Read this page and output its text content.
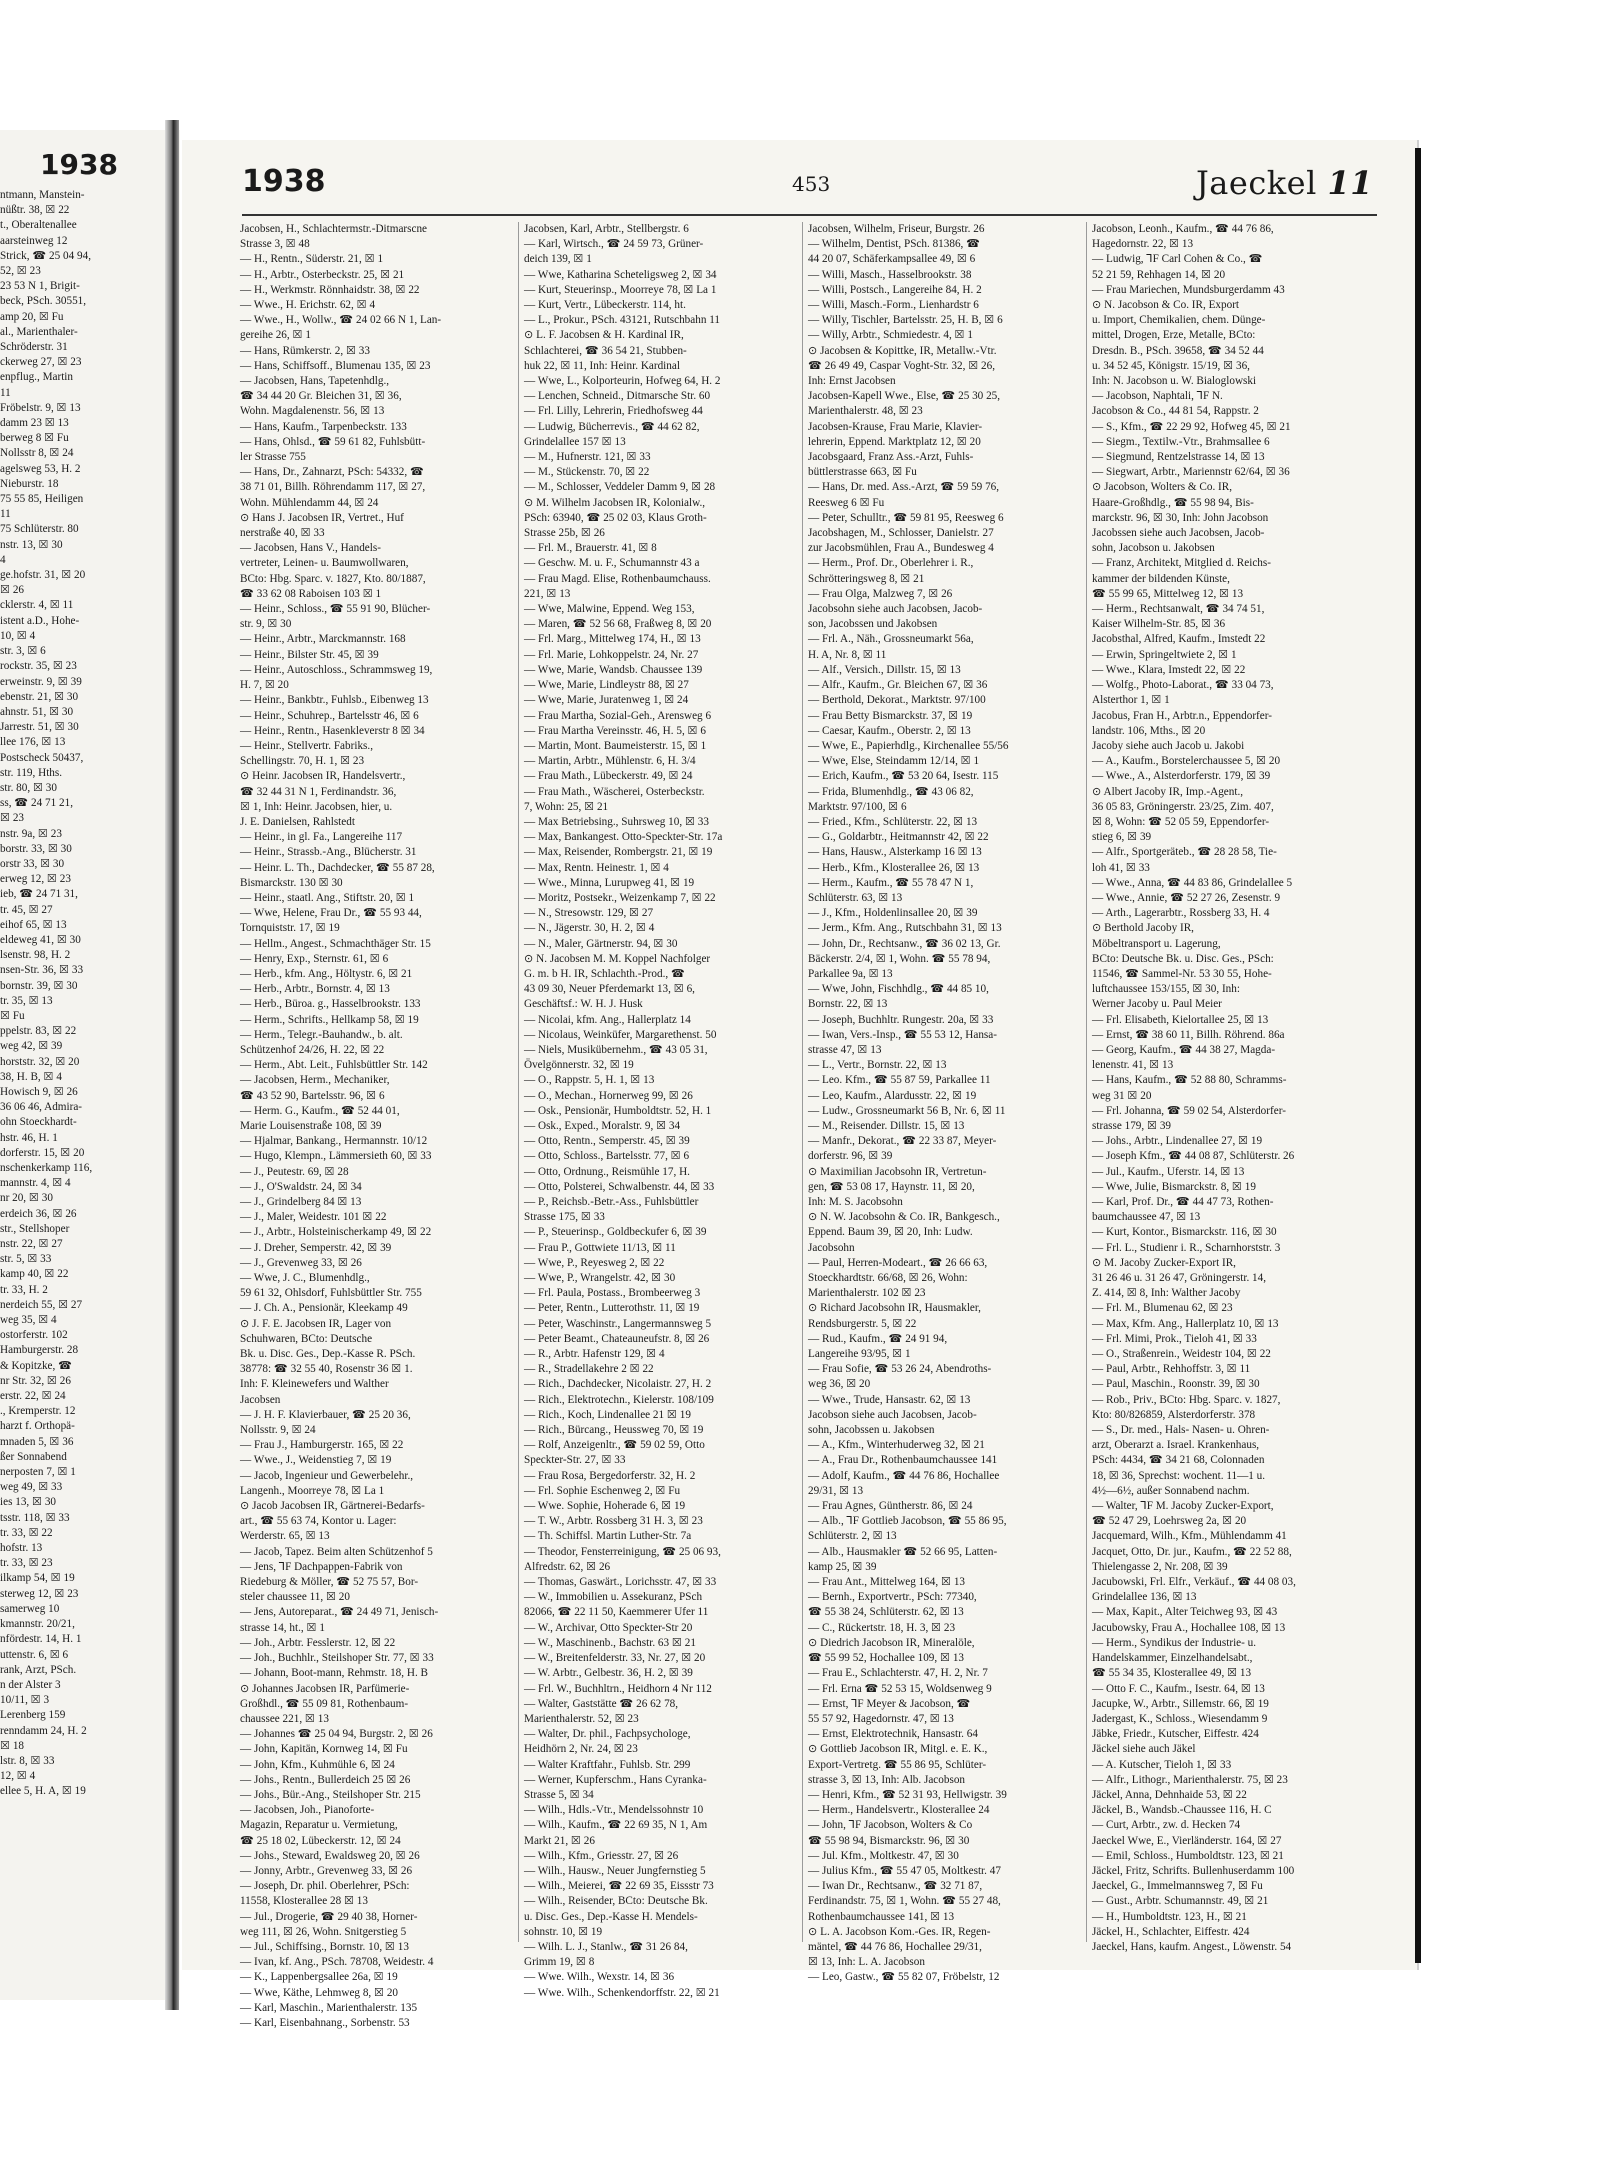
1938
ntmann, Manstein-
nüßtr. 38, ☒ 22
t., Oberaltenallee
aarsteinweg 12
Strick, ☎ 25 04 94,
52, ☒ 23
23 53 N 1, Brigit-
beck, PSch. 30551,
amp 20, ☒ Fu
al., Marienthaler-
Schröderstr. 31
ckerweg 27, ☒ 23
enpflug., Martin
11
Fröbelstr. 9, ☒ 13
damm 23 ☒ 13
berweg 8 ☒ Fu
Nollsstr 8, ☒ 24
agelsweg 53, H. 2
Nieburstr. 18
75 55 85, Heiligen
11
75 Schlüterstr. 80
nstr. 13, ☒ 30
4
ge.hofstr. 31, ☒ 20
☒ 26
cklerstr. 4, ☒ 11
istent a.D., Hohe-
10, ☒ 4
str. 3, ☒ 6
rockstr. 35, ☒ 23
erweinstr. 9, ☒ 39
ebenstr. 21, ☒ 30
ahnstr. 51, ☒ 30
Jarrestr. 51, ☒ 30
llee 176, ☒ 13
Postscheck 50437,
str. 119, Hths.
str. 80, ☒ 30
ss, ☎ 24 71 21,
☒ 23
nstr. 9a, ☒ 23
borstr. 33, ☒ 30
orstr 33, ☒ 30
erweg 12, ☒ 23
ieb, ☎ 24 71 31,
tr. 45, ☒ 27
eihof 65, ☒ 13
eldeweg 41, ☒ 30
lsenstr. 98, H. 2
nsen-Str. 36, ☒ 33
bornstr. 39, ☒ 30
tr. 35, ☒ 13
☒ Fu
ppelstr. 83, ☒ 22
weg 42, ☒ 39
horststr. 32, ☒ 20
38, H. B, ☒ 4
Howisch 9, ☒ 26
36 06 46, Admira-
ohn Stoeckhardt-
hstr. 46, H. 1
dorferstr. 15, ☒ 20
nschenkerkamp 116,
mannstr. 4, ☒ 4
nr 20, ☒ 30
erdeich 36, ☒ 26
str., Stellshoper
nstr. 22, ☒ 27
str. 5, ☒ 33
kamp 40, ☒ 22
tr. 33, H. 2
nerdeich 55, ☒ 27
weg 35, ☒ 4
ostorferstr. 102
Hamburgerstr. 28
& Kopitzke, ☎
nr Str. 32, ☒ 26
erstr. 22, ☒ 24
., Kremperstr. 12
harzt f. Orthopä-
mnaden 5, ☒ 36
ßer Sonnabend
nerposten 7, ☒ 1
weg 49, ☒ 33
ies 13, ☒ 30
tsstr. 118, ☒ 33
tr. 33, ☒ 22
hofstr. 13
tr. 33, ☒ 23
ilkamp 54, ☒ 19
sterweg 12, ☒ 23
samerweg 10
kmannstr. 20/21,
nfördestr. 14, H. 1
uttenstr. 6, ☒ 6
rank, Arzt, PSch.
n der Alster 3
10/11, ☒ 3
Lerenberg 159
renndamm 24, H. 2
☒ 18
lstr. 8, ☒ 33
12, ☒ 4
ellee 5, H. A, ☒ 19
1938	453	Jaeckel 11
Jacobsen, H., Schlachtermstr.-Ditmarscne
Strasse 3, ☒ 48
— H., Rentn., Süderstr. 21, ☒ 1
— H., Arbtr., Osterbeckstr. 25, ☒ 21
— H., Werkmstr. Rönnhaidstr. 38, ☒ 22
— Wwe., H. Erichstr. 62, ☒ 4
— Wwe., H., Wollw., ☎ 24 02 66 N 1, Lan-
gereihe 26, ☒ 1
— Hans, Rümkerstr. 2, ☒ 33
— Hans, Schiffsoff., Blumenau 135, ☒ 23
— Jacobsen, Hans, Tapetenhdlg.,
☎ 34 44 20 Gr. Bleichen 31, ☒ 36,
Wohn. Magdalenenstr. 56, ☒ 13
— Hans, Kaufm., Tarpenbeckstr. 133
— Hans, Ohlsd., ☎ 59 61 82, Fuhlsbütt-
ler Strasse 755
— Hans, Dr., Zahnarzt, PSch: 54332, ☎
38 71 01, Billh. Röhrendamm 117, ☒ 27,
Wohn. Mühlendamm 44, ☒ 24
⊙ Hans J. Jacobsen IR, Vertret., Huf
nerstraße 40, ☒ 33
— Jacobsen, Hans V., Handels-
vertreter, Leinen- u. Baumwollwaren,
BCto: Hbg. Sparc. v. 1827, Kto. 80/1887,
☎ 33 62 08 Raboisen 103 ☒ 1
— Heinr., Schloss., ☎ 55 91 90, Blücher-
str. 9, ☒ 30
— Heinr., Arbtr., Marckmannstr. 168
— Heinr., Bilster Str. 45, ☒ 39
— Heinr., Autoschloss., Schrammsweg 19,
H. 7, ☒ 20
— Heinr., Bankbtr., Fuhlsb., Eibenweg 13
— Heinr., Schuhrep., Bartelsstr 46, ☒ 6
— Heinr., Rentn., Hasenkleverstr 8 ☒ 34
— Heinr., Stellvertr. Fabriks.,
Schellingstr. 70, H. 1, ☒ 23
⊙ Heinr. Jacobsen IR, Handelsvertr.,
☎ 32 44 31 N 1, Ferdinandstr. 36,
☒ 1, Inh: Heinr. Jacobsen, hier, u.
J. E. Danielsen, Rahlstedt
— Heinr., in gl. Fa., Langereihe 117
— Heinr., Strassb.-Ang., Blücherstr. 31
— Heinr. L. Th., Dachdecker, ☎ 55 87 28,
Bismarckstr. 130 ☒ 30
— Heinr., staatl. Ang., Stiftstr. 20, ☒ 1
— Wwe, Helene, Frau Dr., ☎ 55 93 44,
Tornquiststr. 17, ☒ 19
— Hellm., Angest., Schmachthäger Str. 15
— Henry, Exp., Sternstr. 61, ☒ 6
— Herb., kfm. Ang., Höltystr. 6, ☒ 21
— Herb., Arbtr., Bornstr. 4, ☒ 13
— Herb., Büroa. g., Hasselbrookstr. 133
— Herm., Schrifts., Hellkamp 58, ☒ 19
— Herm., Telegr.-Bauhandw., b. alt.
Schützenhof 24/26, H. 22, ☒ 22
— Herm., Abt. Leit., Fuhlsbüttler Str. 142
— Jacobsen, Herm., Mechaniker,
☎ 43 52 90, Bartelsstr. 96, ☒ 6
— Herm. G., Kaufm., ☎ 52 44 01,
Marie Louisenstraße 108, ☒ 39
— Hjalmar, Bankang., Hermannstr. 10/12
— Hugo, Klempn., Lämmersieth 60, ☒ 33
— J., Peutestr. 69, ☒ 28
— J., O'Swaldstr. 24, ☒ 34
— J., Grindelberg 84 ☒ 13
— J., Maler, Weidestr. 101 ☒ 22
— J., Arbtr., Holsteinischerkamp 49, ☒ 22
— J. Dreher, Semperstr. 42, ☒ 39
— J., Grevenweg 33, ☒ 26
— Wwe, J. C., Blumenhdlg.,
59 61 32, Ohlsdorf, Fuhlsbüttler Str. 755
— J. Ch. A., Pensionär, Kleekamp 49
⊙ J. F. E. Jacobsen IR, Lager von
Schuhwaren, BCto: Deutsche
Bk. u. Disc. Ges., Dep.-Kasse R. PSch.
38778: ☎ 32 55 40, Rosenstr 36 ☒ 1.
Inh: F. Kleinewefers und Walther
Jacobsen
— J. H. F. Klavierbauer, ☎ 25 20 36,
Nollsstr. 9, ☒ 24
— Frau J., Hamburgerstr. 165, ☒ 22
— Wwe., J., Weidenstieg 7, ☒ 19
— Jacob, Ingenieur und Gewerbelehr.,
Langenh., Moorreye 78, ☒ La 1
⊙ Jacob Jacobsen IR, Gärtnerei-Bedarfs-
art., ☎ 55 63 74, Kontor u. Lager:
Werderstr. 65, ☒ 13
— Jacob, Tapez. Beim alten Schützenhof 5
— Jens, ⅂F Dachpappen-Fabrik von
Riedeburg & Möller, ☎ 52 75 57, Bor-
steler chaussee 11, ☒ 20
— Jens, Autoreparat., ☎ 24 49 71, Jenisch-
strasse 14, ht., ☒ 1
— Joh., Arbtr. Fesslerstr. 12, ☒ 22
— Joh., Buchhlr., Steilshoper Str. 77, ☒ 33
— Johann, Boot-mann, Rehmstr. 18, H. B
⊙ Johannes Jacobsen IR, Parfümerie-
Großhdl., ☎ 55 09 81, Rothenbaum-
chaussee 221, ☒ 13
— Johannes ☎ 25 04 94, Burgstr. 2, ☒ 26
— John, Kapitän, Kornweg 14, ☒ Fu
— John, Kfm., Kuhmühle 6, ☒ 24
— Johs., Rentn., Bullerdeich 25 ☒ 26
— Johs., Bür.-Ang., Steilshoper Str. 215
— Jacobsen, Joh., Pianoforte-
Magazin, Reparatur u. Vermietung,
☎ 25 18 02, Lübeckerstr. 12, ☒ 24
— Johs., Steward, Ewaldsweg 20, ☒ 26
— Jonny, Arbtr., Grevenweg 33, ☒ 26
— Joseph, Dr. phil. Oberlehrer, PSch:
11558, Klosterallee 28 ☒ 13
— Jul., Drogerie, ☎ 29 40 38, Horner-
weg 111, ☒ 26, Wohn. Snitgerstieg 5
— Jul., Schiffsing., Bornstr. 10, ☒ 13
— Ivan, kf. Ang., PSch. 78708, Weidestr. 4
— K., Lappenbergsallee 26a, ☒ 19
— Wwe, Käthe, Lehmweg 8, ☒ 20
— Karl, Maschin., Marienthalerstr. 135
— Karl, Eisenbahnang., Sorbenstr. 53
Jacobsen, Karl, Arbtr., Stellbergstr. 6
— Karl, Wirtsch., ☎ 24 59 73, Grüner-
deich 139, ☒ 1
— Wwe, Katharina Scheteligsweg 2, ☒ 34
— Kurt, Steuerinsp., Moorreye 78, ☒ La 1
— Kurt, Vertr., Lübeckerstr. 114, ht.
— L., Prokur., PSch. 43121, Rutschbahn 11
⊙ L. F. Jacobsen & H. Kardinal IR,
Schlachterei, ☎ 36 54 21, Stubben-
huk 22, ☒ 11, Inh: Heinr. Kardinal
— Wwe, L., Kolporteurin, Hofweg 64, H. 2
— Lenchen, Schneid., Ditmarsche Str. 60
— Frl. Lilly, Lehrerin, Friedhofsweg 44
— Ludwig, Bücherrevis., ☎ 44 62 82,
Grindelallee 157 ☒ 13
— M., Hufnerstr. 121, ☒ 33
— M., Stückenstr. 70, ☒ 22
— M., Schlosser, Veddeler Damm 9, ☒ 28
⊙ M. Wilhelm Jacobsen IR, Kolonialw.,
PSch: 63940, ☎ 25 02 03, Klaus Groth-
Strasse 25b, ☒ 26
— Frl. M., Brauerstr. 41, ☒ 8
— Geschw. M. u. F., Schumannstr 43 a
— Frau Magd. Elise, Rothenbaumchauss.
221, ☒ 13
— Wwe, Malwine, Eppend. Weg 153,
— Maren, ☎ 52 56 68, Fraßweg 8, ☒ 20
— Frl. Marg., Mittelweg 174, H., ☒ 13
— Frl. Marie, Lohkoppelstr. 24, Nr. 27
— Wwe, Marie, Wandsb. Chaussee 139
— Wwe, Marie, Lindleystr 88, ☒ 27
— Wwe, Marie, Juratenweg 1, ☒ 24
— Frau Martha, Sozial-Geh., Arensweg 6
— Frau Martha Vereinsstr. 46, H. 5, ☒ 6
— Martin, Mont. Baumeisterstr. 15, ☒ 1
— Martin, Arbtr., Mühlenstr. 6, H. 3/4
— Frau Math., Lübeckerstr. 49, ☒ 24
— Frau Math., Wäscherei, Osterbeckstr.
7, Wohn: 25, ☒ 21
— Max Betriebsing., Suhrsweg 10, ☒ 33
— Max, Bankangest. Otto-Speckter-Str. 17a
— Max, Reisender, Rombergstr. 21, ☒ 19
— Max, Rentn. Heinestr. 1, ☒ 4
— Wwe., Minna, Lurupweg 41, ☒ 19
— Moritz, Postsekr., Weizenkamp 7, ☒ 22
— N., Stresowstr. 129, ☒ 27
— N., Jägerstr. 30, H. 2, ☒ 4
— N., Maler, Gärtnerstr. 94, ☒ 30
⊙ N. Jacobsen M. M. Koppel Nachfolger
G. m. b H. IR, Schlachth.-Prod., ☎
43 09 30, Neuer Pferdemarkt 13, ☒ 6,
Geschäftsf.: W. H. J. Husk
— Nicolai, kfm. Ang., Hallerplatz 14
— Nicolaus, Weinküfer, Margarethenst. 50
— Niels, Musikübernehm., ☎ 43 05 31,
Övelgönnerstr. 32, ☒ 19
— O., Rappstr. 5, H. 1, ☒ 13
— O., Mechan., Hornerweg 99, ☒ 26
— Osk., Pensionär, Humboldtstr. 52, H. 1
— Osk., Exped., Moralstr. 9, ☒ 34
— Otto, Rentn., Semperstr. 45, ☒ 39
— Otto, Schloss., Bartelsstr. 77, ☒ 6
— Otto, Ordnung., Reismühle 17, H.
— Otto, Polsterei, Schwalbenstr. 44, ☒ 33
— P., Reichsb.-Betr.-Ass., Fuhlsbüttler
Strasse 175, ☒ 33
— P., Steuerinsp., Goldbeckufer 6, ☒ 39
— Frau P., Gottwiete 11/13, ☒ 11
— Wwe, P., Reyesweg 2, ☒ 22
— Wwe, P., Wrangelstr. 42, ☒ 30
— Frl. Paula, Postass., Brombeerweg 3
— Peter, Rentn., Lutterothstr. 11, ☒ 19
— Peter, Waschinstr., Langermannsweg 5
— Peter Beamt., Chateauneufstr. 8, ☒ 26
— R., Arbtr. Hafenstr 129, ☒ 4
— R., Stradellakehre 2 ☒ 22
— Rich., Dachdecker, Nicolaistr. 27, H. 2
— Rich., Elektrotechn., Kielerstr. 108/109
— Rich., Koch, Lindenallee 21 ☒ 19
— Rich., Bürcang., Heussweg 70, ☒ 19
— Rolf, Anzeigenltr., ☎ 59 02 59, Otto
Speckter-Str. 27, ☒ 33
— Frau Rosa, Bergedorferstr. 32, H. 2
— Frl. Sophie Eschenweg 2, ☒ Fu
— Wwe. Sophie, Hoherade 6, ☒ 19
— T. W., Arbtr. Rossberg 31 H. 3, ☒ 23
— Th. Schiffsl. Martin Luther-Str. 7a
— Theodor, Fensterreinigung, ☎ 25 06 93,
Alfredstr. 62, ☒ 26
— Thomas, Gaswärt., Lorichsstr. 47, ☒ 33
— W., Immobilien u. Assekuranz, PSch
82066, ☎ 22 11 50, Kaemmerer Ufer 11
— W., Archivar, Otto Speckter-Str 20
— W., Maschinenb., Bachstr. 63 ☒ 21
— W., Breitenfelderstr. 33, Nr. 27, ☒ 20
— W. Arbtr., Gelbestr. 36, H. 2, ☒ 39
— Frl. W., Buchhltrn., Heidhorn 4 Nr 112
— Walter, Gaststätte ☎ 26 62 78,
Marienthalerstr. 52, ☒ 23
— Walter, Dr. phil., Fachpsychologe,
Heidhörn 2, Nr. 24, ☒ 23
— Walter Kraftfahr., Fuhlsb. Str. 299
— Werner, Kupferschm., Hans Cyranka-
Strasse 5, ☒ 34
— Wilh., Hdls.-Vtr., Mendelssohnstr 10
— Wilh., Kaufm., ☎ 22 69 35, N 1, Am
Markt 21, ☒ 26
— Wilh., Kfm., Griesstr. 27, ☒ 26
— Wilh., Hausw., Neuer Jungfernstieg 5
— Wilh., Meierei, ☎ 22 69 35, Eissstr 73
— Wilh., Reisender, BCto: Deutsche Bk.
u. Disc. Ges., Dep.-Kasse H. Mendels-
sohnstr. 10, ☒ 19
— Wilh. L. J., Stanlw., ☎ 31 26 84,
Grimm 19, ☒ 8
— Wwe. Wilh., Wexstr. 14, ☒ 36
— Wwe. Wilh., Schenkendorffstr. 22, ☒ 21
Jacobsen, Wilhelm, Friseur, Burgstr. 26
— Wilhelm, Dentist, PSch. 81386, ☎
44 20 07, Schäferkampsallee 49, ☒ 6
— Willi, Masch., Hasselbrookstr. 38
— Willi, Postsch., Langereihe 84, H. 2
— Willi, Masch.-Form., Lienhardstr 6
— Willy, Tischler, Bartelsstr. 25, H. B, ☒ 6
— Willy, Arbtr., Schmiedestr. 4, ☒ 1
⊙ Jacobsen & Kopittke, IR, Metallw.-Vtr.
☎ 26 49 49, Caspar Voght-Str. 32, ☒ 26,
Inh: Ernst Jacobsen
Jacobsen-Kapell Wwe., Else, ☎ 25 30 25,
Marienthalerstr. 48, ☒ 23
Jacobsen-Krause, Frau Marie, Klavier-
lehrerin, Eppend. Marktplatz 12, ☒ 20
Jacobsgaard, Franz Ass.-Arzt, Fuhls-
büttlerstrasse 663, ☒ Fu
— Hans, Dr. med. Ass.-Arzt, ☎ 59 59 76,
Reesweg 6 ☒ Fu
— Peter, Schulltr., ☎ 59 81 95, Reesweg 6
Jacobshagen, M., Schlosser, Danielstr. 27
zur Jacobsmühlen, Frau A., Bundesweg 4
— Herm., Prof. Dr., Oberlehrer i. R.,
Schrötteringsweg 8, ☒ 21
— Frau Olga, Malzweg 7, ☒ 26
Jacobsohn siehe auch Jacobsen, Jacob-
son, Jacobssen und Jakobsen
— Frl. A., Näh., Grossneumarkt 56a,
H. A, Nr. 8, ☒ 11
— Alf., Versich., Dillstr. 15, ☒ 13
— Alfr., Kaufm., Gr. Bleichen 67, ☒ 36
— Berthold, Dekorat., Marktstr. 97/100
— Frau Betty Bismarckstr. 37, ☒ 19
— Caesar, Kaufm., Oberstr. 2, ☒ 13
— Wwe, E., Papierhdlg., Kirchenallee 55/56
— Wwe, Else, Steindamm 12/14, ☒ 1
— Erich, Kaufm., ☎ 53 20 64, Isestr. 115
— Frida, Blumenhdlg., ☎ 43 06 82,
Marktstr. 97/100, ☒ 6
— Fried., Kfm., Schlüterstr. 22, ☒ 13
— G., Goldarbtr., Heitmannstr 42, ☒ 22
— Hans, Hausw., Alsterkamp 16 ☒ 13
— Herb., Kfm., Klosterallee 26, ☒ 13
— Herm., Kaufm., ☎ 55 78 47 N 1,
Schlüterstr. 63, ☒ 13
— J., Kfm., Holdenlinsallee 20, ☒ 39
— Jerm., Kfm. Ang., Rutschbahn 31, ☒ 13
— John, Dr., Rechtsanw., ☎ 36 02 13, Gr.
Bäckerstr. 2/4, ☒ 1, Wohn. ☎ 55 78 94,
Parkallee 9a, ☒ 13
— Wwe, John, Fischhdlg., ☎ 44 85 10,
Bornstr. 22, ☒ 13
— Joseph, Buchhltr. Rungestr. 20a, ☒ 33
— Iwan, Vers.-Insp., ☎ 55 53 12, Hansa-
strasse 47, ☒ 13
— L., Vertr., Bornstr. 22, ☒ 13
— Leo. Kfm., ☎ 55 87 59, Parkallee 11
— Leo, Kaufm., Alardusstr. 22, ☒ 19
— Ludw., Grossneumarkt 56 B, Nr. 6, ☒ 11
— M., Reisender. Dillstr. 15, ☒ 13
— Manfr., Dekorat., ☎ 22 33 87, Meyer-
dorferstr. 96, ☒ 39
⊙ Maximilian Jacobsohn IR, Vertretun-
gen, ☎ 53 08 17, Haynstr. 11, ☒ 20,
Inh: M. S. Jacobsohn
⊙ N. W. Jacobsohn & Co. IR, Bankgesch.,
Eppend. Baum 39, ☒ 20, Inh: Ludw.
Jacobsohn
— Paul, Herren-Modeart., ☎ 26 66 63,
Stoeckhardtstr. 66/68, ☒ 26, Wohn:
Marienthalerstr. 102 ☒ 23
⊙ Richard Jacobsohn IR, Hausmakler,
Rendsburgerstr. 5, ☒ 22
— Rud., Kaufm., ☎ 24 91 94,
Langereihe 93/95, ☒ 1
— Frau Sofie, ☎ 53 26 24, Abendroths-
weg 36, ☒ 20
— Wwe., Trude, Hansastr. 62, ☒ 13
Jacobson siehe auch Jacobsen, Jacob-
sohn, Jacobssen u. Jakobsen
— A., Kfm., Winterhuderweg 32, ☒ 21
— A., Frau Dr., Rothenbaumchaussee 141
— Adolf, Kaufm., ☎ 44 76 86, Hochallee
29/31, ☒ 13
— Frau Agnes, Güntherstr. 86, ☒ 24
— Alb., ⅂F Gottlieb Jacobson, ☎ 55 86 95,
Schlüterstr. 2, ☒ 13
— Alb., Hausmakler ☎ 52 66 95, Latten-
kamp 25, ☒ 39
— Frau Ant., Mittelweg 164, ☒ 13
— Bernh., Exportvertr., PSch: 77340,
☎ 55 38 24, Schlüterstr. 62, ☒ 13
— C., Rückertstr. 18, H. 3, ☒ 23
⊙ Diedrich Jacobson IR, Mineralöle,
☎ 55 99 52, Hochallee 109, ☒ 13
— Frau E., Schlachterstr. 47, H. 2, Nr. 7
— Frl. Erna ☎ 52 53 15, Woldsenweg 9
— Ernst, ⅂F Meyer & Jacobson, ☎
55 57 92, Hagedornstr. 47, ☒ 13
— Ernst, Elektrotechnik, Hansastr. 64
⊙ Gottlieb Jacobson IR, Mitgl. e. E. K.,
Export-Vertretg. ☎ 55 86 95, Schlüter-
strasse 3, ☒ 13, Inh: Alb. Jacobson
— Henri, Kfm., ☎ 52 31 93, Hellwigstr. 39
— Herm., Handelsvertr., Klosterallee 24
— John, ⅂F Jacobson, Wolters & Co
☎ 55 98 94, Bismarckstr. 96, ☒ 30
— Jul. Kfm., Moltkestr. 47, ☒ 30
— Julius Kfm., ☎ 55 47 05, Moltkestr. 47
— Iwan Dr., Rechtsanw., ☎ 32 71 87,
Ferdinandstr. 75, ☒ 1, Wohn. ☎ 55 27 48,
Rothenbaumchaussee 141, ☒ 13
⊙ L. A. Jacobson Kom.-Ges. IR, Regen-
mäntel, ☎ 44 76 86, Hochallee 29/31,
☒ 13, Inh: L. A. Jacobson
— Leo, Gastw., ☎ 55 82 07, Fröbelstr, 12
Jacobson, Leonh., Kaufm., ☎ 44 76 86,
Hagedornstr. 22, ☒ 13
— Ludwig, ⅂F Carl Cohen & Co., ☎
52 21 59, Rehhagen 14, ☒ 20
— Frau Mariechen, Mundsburgerdamm 43
⊙ N. Jacobson & Co. IR, Export
u. Import, Chemikalien, chem. Dünge-
mittel, Drogen, Erze, Metalle, BCto:
Dresdn. B., PSch. 39658, ☎ 34 52 44
u. 34 52 45, Königstr. 15/19, ☒ 36,
Inh: N. Jacobson u. W. Bialoglowski
— Jacobson, Naphtali, ⅂F N.
Jacobson & Co., 44 81 54, Rappstr. 2
— S., Kfm., ☎ 22 29 92, Hofweg 45, ☒ 21
— Siegm., Textilw.-Vtr., Brahmsallee 6
— Siegmund, Rentzelstrasse 14, ☒ 13
— Siegwart, Arbtr., Mariennstr 62/64, ☒ 36
⊙ Jacobson, Wolters & Co. IR,
Haare-Großhdlg., ☎ 55 98 94, Bis-
marckstr. 96, ☒ 30, Inh: John Jacobson
Jacobssen siehe auch Jacobsen, Jacob-
sohn, Jacobson u. Jakobsen
— Franz, Architekt, Mitglied d. Reichs-
kammer der bildenden Künste,
☎ 55 99 65, Mittelweg 12, ☒ 13
— Herm., Rechtsanwalt, ☎ 34 74 51,
Kaiser Wilhelm-Str. 85, ☒ 36
Jacobsthal, Alfred, Kaufm., Imstedt 22
— Erwin, Springeltwiete 2, ☒ 1
— Wwe., Klara, Imstedt 22, ☒ 22
— Wolfg., Photo-Laborat., ☎ 33 04 73,
Alsterthor 1, ☒ 1
Jacobus, Fran H., Arbtr.n., Eppendorfer-
landstr. 106, Mths., ☒ 20
Jacoby siehe auch Jacob u. Jakobi
— A., Kaufm., Borstelerchaussee 5, ☒ 20
— Wwe., A., Alsterdorferstr. 179, ☒ 39
⊙ Albert Jacoby IR, Imp.-Agent.,
36 05 83, Gröningerstr. 23/25, Zim. 407,
☒ 8, Wohn: ☎ 52 05 59, Eppendorfer-
stieg 6, ☒ 39
— Alfr., Sportgeräteb., ☎ 28 28 58, Tie-
loh 41, ☒ 33
— Wwe., Anna, ☎ 44 83 86, Grindelallee 5
— Wwe., Annie, ☎ 52 27 26, Zesenstr. 9
— Arth., Lagerarbtr., Rossberg 33, H. 4
⊙ Berthold Jacoby IR,
Möbeltransport u. Lagerung,
BCto: Deutsche Bk. u. Disc. Ges., PSch:
11546, ☎ Sammel-Nr. 53 30 55, Hohe-
luftchaussee 153/155, ☒ 30, Inh:
Werner Jacoby u. Paul Meier
— Frl. Elisabeth, Kielortallee 25, ☒ 13
— Ernst, ☎ 38 60 11, Billh. Röhrend. 86a
— Georg, Kaufm., ☎ 44 38 27, Magda-
lenenstr. 41, ☒ 13
— Hans, Kaufm., ☎ 52 88 80, Schramms-
weg 31 ☒ 20
— Frl. Johanna, ☎ 59 02 54, Alsterdorfer-
strasse 179, ☒ 39
— Johs., Arbtr., Lindenallee 27, ☒ 19
— Joseph Kfm., ☎ 44 08 87, Schlüterstr. 26
— Jul., Kaufm., Uferstr. 14, ☒ 13
— Wwe, Julie, Bismarckstr. 8, ☒ 19
— Karl, Prof. Dr., ☎ 44 47 73, Rothen-
baumchaussee 47, ☒ 13
— Kurt, Kontor., Bismarckstr. 116, ☒ 30
— Frl. L., Studienr i. R., Scharnhorststr. 3
⊙ M. Jacoby Zucker-Export IR,
31 26 46 u. 31 26 47, Gröningerstr. 14,
Z. 414, ☒ 8, Inh: Walther Jacoby
— Frl. M., Blumenau 62, ☒ 23
— Max, Kfm. Ang., Hallerplatz 10, ☒ 13
— Frl. Mimi, Prok., Tieloh 41, ☒ 33
— O., Straßenrein., Weidestr 104, ☒ 22
— Paul, Arbtr., Rehhoffstr. 3, ☒ 11
— Paul, Maschin., Roonstr. 39, ☒ 30
— Rob., Priv., BCto: Hbg. Sparc. v. 1827,
Kto: 80/826859, Alsterdorferstr. 378
— S., Dr. med., Hals- Nasen- u. Ohren-
arzt, Oberarzt a. Israel. Krankenhaus,
PSch: 4434, ☎ 34 21 68, Colonnaden
18, ☒ 36, Sprechst: wochent. 11—1 u.
4½—6½, außer Sonnabend nachm.
— Walter, ⅂F M. Jacoby Zucker-Export,
☎ 52 47 29, Loehrsweg 2a, ☒ 20
Jacquemard, Wilh., Kfm., Mühlendamm 41
Jacquet, Otto, Dr. jur., Kaufm., ☎ 22 52 88,
Thielengasse 2, Nr. 208, ☒ 39
Jacubowski, Frl. Elfr., Verkäuf., ☎ 44 08 03,
Grindelallee 136, ☒ 13
— Max, Kapit., Alter Teichweg 93, ☒ 43
Jacubowsky, Frau A., Hochallee 108, ☒ 13
— Herm., Syndikus der Industrie- u.
Handelskammer, Einzelhandelsabt.,
☎ 55 34 35, Klosterallee 49, ☒ 13
— Otto F. C., Kaufm., Isestr. 64, ☒ 13
Jacupke, W., Arbtr., Sillemstr. 66, ☒ 19
Jadergast, K., Schloss., Wiesendamm 9
Jäbke, Friedr., Kutscher, Eiffestr. 424
Jäckel siehe auch Jäkel
— A. Kutscher, Tieloh 1, ☒ 33
— Alfr., Lithogr., Marienthalerstr. 75, ☒ 23
Jäckel, Anna, Dehnhaide 53, ☒ 22
Jäckel, B., Wandsb.-Chaussee 116, H. C
— Curt, Arbtr., zw. d. Hecken 74
Jaeckel Wwe, E., Vierländerstr. 164, ☒ 27
— Emil, Schloss., Humboldtstr. 123, ☒ 21
Jäckel, Fritz, Schrifts. Bullenhuserdamm 100
Jaeckel, G., Immelmannsweg 7, ☒ Fu
— Gust., Arbtr. Schumannstr. 49, ☒ 21
— H., Humboldtstr. 123, H., ☒ 21
Jäckel, H., Schlachter, Eiffestr. 424
Jaeckel, Hans, kaufm. Angest., Löwenstr. 54
